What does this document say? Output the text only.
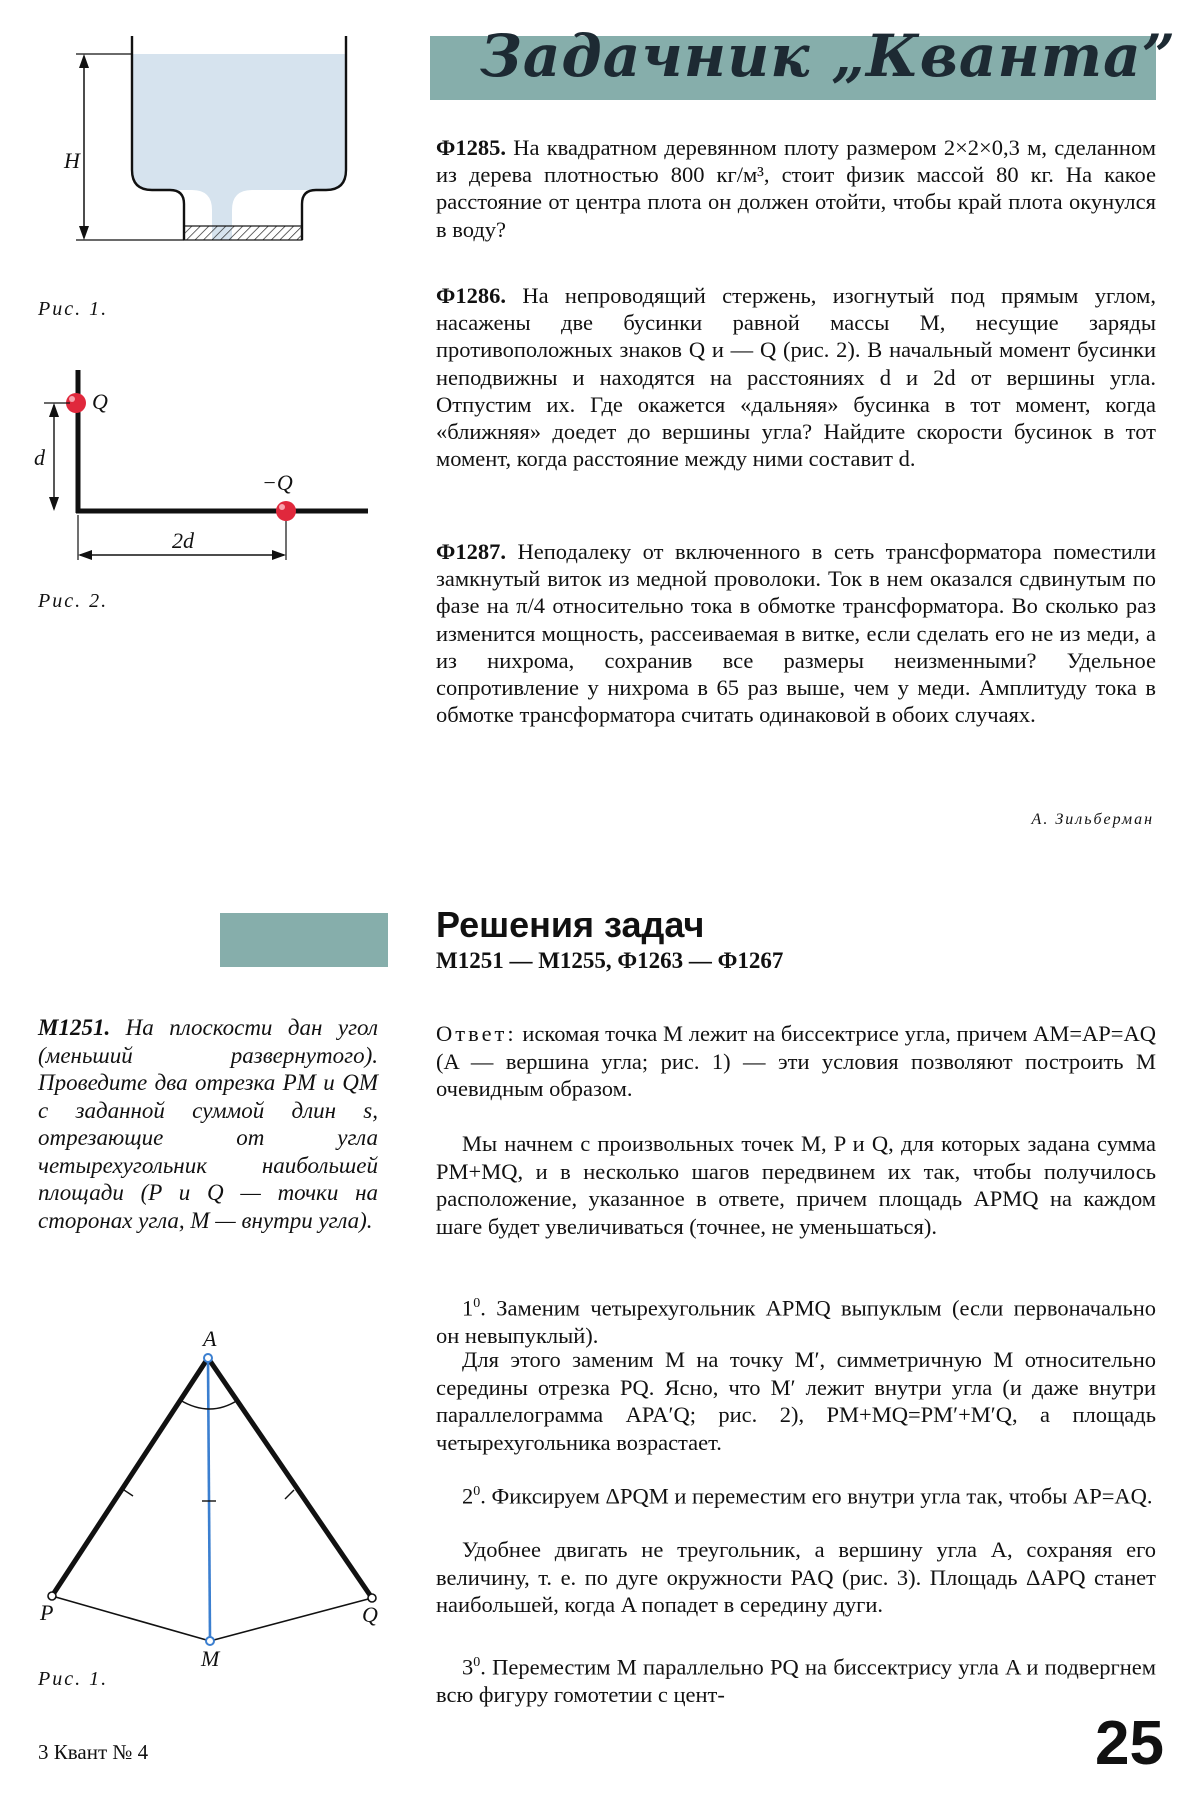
H
Рис. 1.
Q
−Q
d
2d
Рис. 2.
Задачник „Кванта”

Ф1285. На квадратном деревянном плоту размером 2×2×0,3 м, сделанном из дерева плотностью 800 кг/м³, стоит физик массой 80 кг. На какое расстояние от центра плота он должен отойти, чтобы край плота окунулся в воду?

Ф1286. На непроводящий стержень, изогнутый под прямым углом, насажены две бусинки равной массы M, несущие заряды противоположных знаков Q и — Q (рис. 2). В начальный момент бусинки неподвижны и находятся на расстояниях d и 2d от вершины угла. Отпустим их. Где окажется «дальняя» бусинка в тот момент, когда «ближняя» доедет до вершины угла? Найдите скорости бусинок в тот момент, когда расстояние между ними составит d.

Ф1287. Неподалеку от включенного в сеть трансформатора поместили замкнутый виток из медной проволоки. Ток в нем оказался сдвинутым по фазе на π/4 относительно тока в обмотке трансформатора. Во сколько раз изменится мощность, рассеиваемая в витке, если сделать его не из меди, а из нихрома, сохранив все размеры неизменными? Удельное сопротивление у нихрома в 65 раз выше, чем у меди. Амплитуду тока в обмотке трансформатора считать одинаковой в обоих случаях.

А. Зильберман
Решения задач
М1251 — М1255, Ф1263 — Ф1267

М1251. На плоскости дан угол (меньший развернутого). Проведите два отрезка PM и QM с заданной суммой длин s, отрезающие от угла четырехугольник наибольшей площади (P и Q — точки на сторонах угла, M — внутри угла).

A
P	Q
M
Рис. 1.

Ответ: искомая точка M лежит на биссектрисе угла, причем AM=AP=AQ (A — вершина угла; рис. 1) — эти условия позволяют построить M очевидным образом.

Мы начнем с произвольных точек M, P и Q, для которых задана сумма PM+MQ, и в несколько шагов передвинем их так, чтобы получилось расположение, указанное в ответе, причем площадь APMQ на каждом шаге будет увеличиваться (точнее, не уменьшаться).

$1^0$. Заменим четырехугольник APMQ выпуклым (если первоначально он невыпуклый).

Для этого заменим M на точку M′, симметричную M относительно середины отрезка PQ. Ясно, что M′ лежит внутри угла (и даже внутри параллелограмма APA′Q; рис. 2), PM+MQ=PM′+M′Q, а площадь четырехугольника возрастает.

$2^0$. Фиксируем ΔPQM и переместим его внутри угла так, чтобы AP=AQ.

Удобнее двигать не треугольник, а вершину угла A, сохраняя его величину, т. е. по дуге окружности PAQ (рис. 3). Площадь ΔAPQ станет наибольшей, когда A попадет в середину дуги.

$3^0$. Переместим M параллельно PQ на биссектрису угла A и подвергнем всю фигуру гомотетии с цент-

3 Квант № 4	25
